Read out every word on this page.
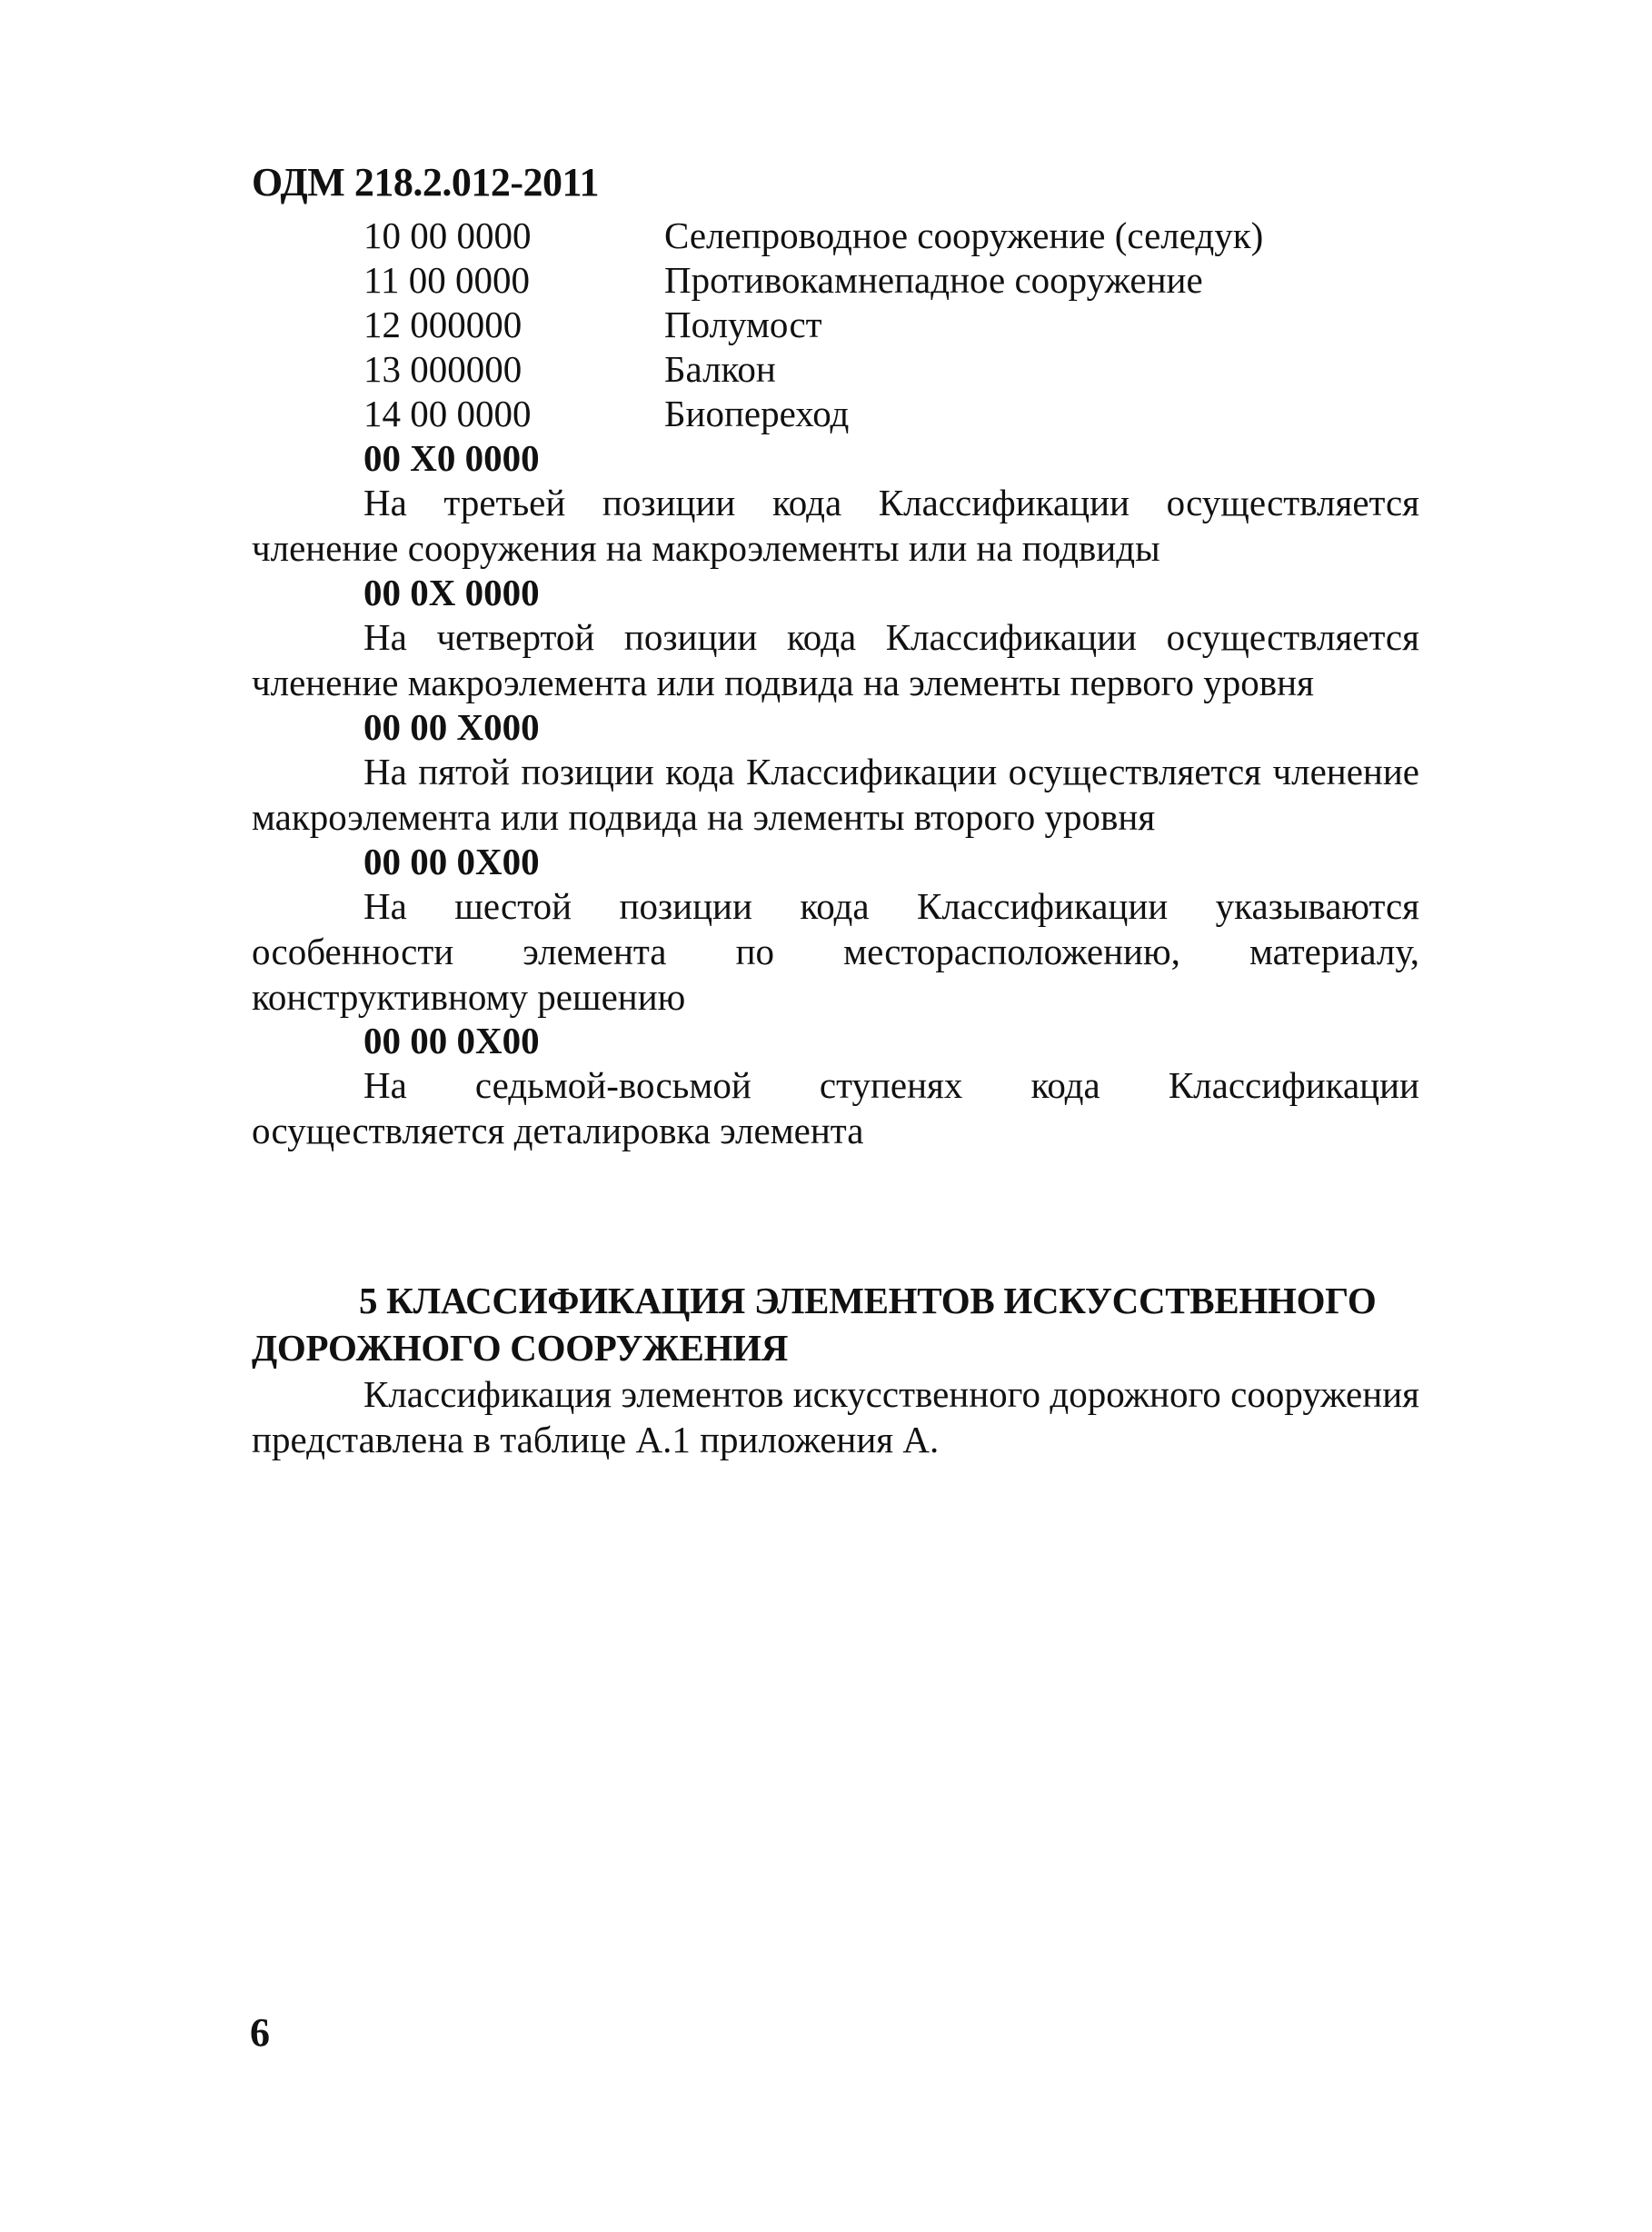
ОДМ 218.2.012-2011
10 00 0000	Селепроводное сооружение (селедук)
11 00 0000	Противокамнепадное сооружение
12 000000	Полумост
13 000000	Балкон
14 00 0000	Биопереход
00 Х0 0000

На третьей позиции кода Классификации осуществляется членение сооружения на макроэлементы или на подвиды

00 0Х 0000

На четвертой позиции кода Классификации осуществляется членение макроэлемента или подвида на элементы первого уровня

00 00 Х000

На пятой позиции кода Классификации осуществляется членение макроэлемента или подвида на элементы второго уровня

00 00 0Х00

На шестой позиции кода Классификации указываются особенности элемента по месторасположению, материалу, конструктивному решению

00 00 0Х00

На седьмой-восьмой ступенях кода Классификации осуществляется деталировка элемента

5 КЛАССИФИКАЦИЯ ЭЛЕМЕНТОВ ИСКУССТВЕННОГО ДОРОЖНОГО СООРУЖЕНИЯ

Классификация элементов искусственного дорожного сооружения представлена в таблице А.1 приложения А.

6
